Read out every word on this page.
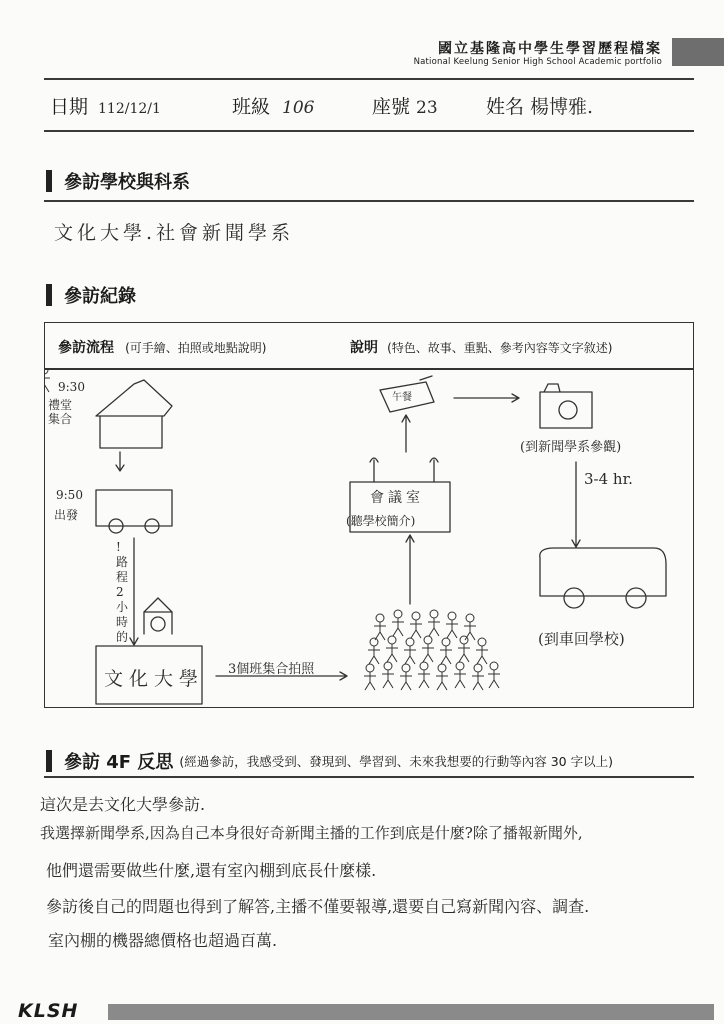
國立基隆高中學生學習歷程檔案
National Keelung Senior High School Academic portfolio
日期 112/12/1	班級 106	座號 23	姓名 楊博雅.
參訪學校與科系
文化大學.社會新聞學系
參訪紀錄
參訪流程 (可手繪、拍照或地點說明)	說明 (特色、故事、重點、參考內容等文字敘述)
9:30
禮堂集合
9:50
出發
!路程2小時的
文化大學 3個班集合拍照
會議室
(聽學校簡介)
午餐
(到新聞學系參觀)
3-4 hr.
(到車回學校)
參訪 4F 反思 (經過參訪，我感受到、發現到、學習到、未來我想要的行動等內容 30 字以上)
這次是去文化大學參訪.
我選擇新聞學系,因為自己本身很好奇新聞主播的工作到底是什麼?除了播報新聞外,
他們還需要做些什麼,還有室內棚到底長什麼樣.
參訪後自己的問題也得到了解答,主播不僅要報導,還要自己寫新聞內容、調查.
室內棚的機器總價格也超過百萬.
KLSH
